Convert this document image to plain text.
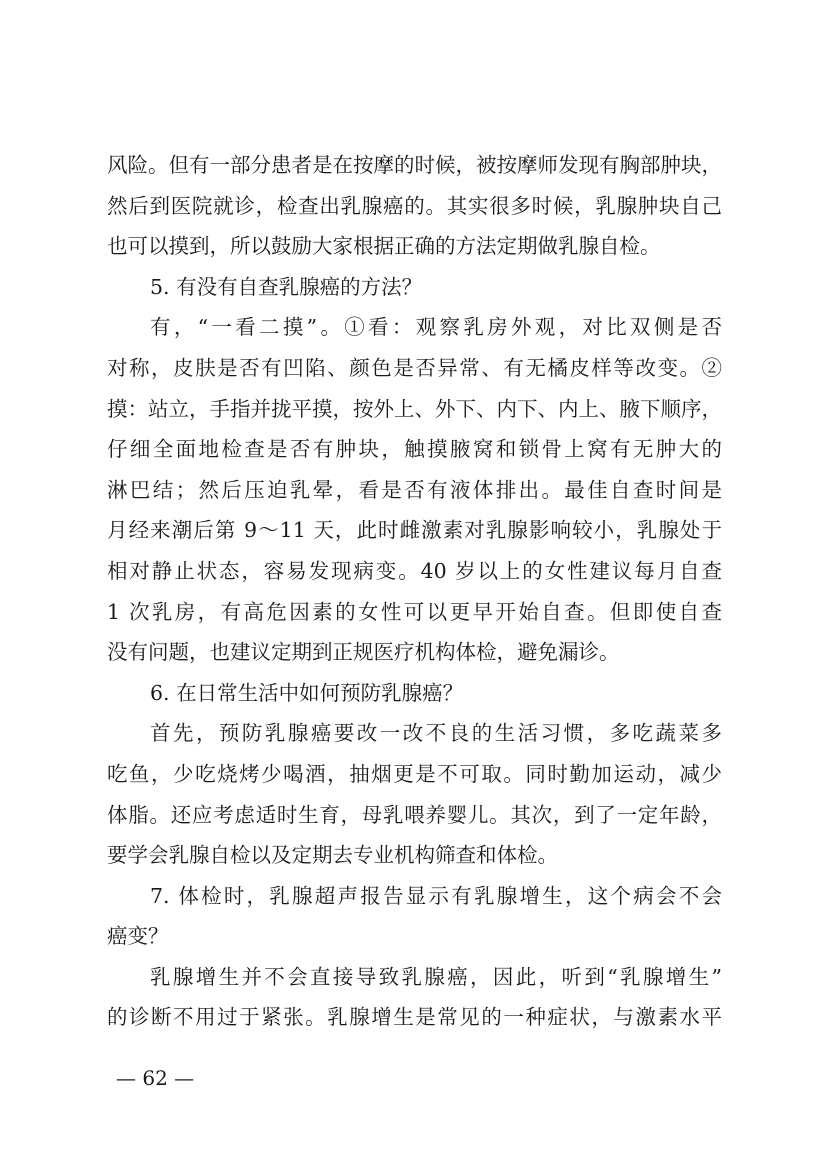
风险。但有一部分患者是在按摩的时候，被按摩师发现有胸部肿块，
然后到医院就诊，检查出乳腺癌的。其实很多时候，乳腺肿块自己
也可以摸到，所以鼓励大家根据正确的方法定期做乳腺自检。
5. 有没有自查乳腺癌的方法？
有，“一看二摸”。①看：观察乳房外观，对比双侧是否
对称，皮肤是否有凹陷、颜色是否异常、有无橘皮样等改变。②
摸：站立，手指并拢平摸，按外上、外下、内下、内上、腋下顺序，
仔细全面地检查是否有肿块，触摸腋窝和锁骨上窝有无肿大的
淋巴结；然后压迫乳晕，看是否有液体排出。最佳自查时间是
月经来潮后第 9～11 天，此时雌激素对乳腺影响较小，乳腺处于
相对静止状态，容易发现病变。40 岁以上的女性建议每月自查
1 次乳房，有高危因素的女性可以更早开始自查。但即使自查
没有问题，也建议定期到正规医疗机构体检，避免漏诊。
6. 在日常生活中如何预防乳腺癌？
首先，预防乳腺癌要改一改不良的生活习惯，多吃蔬菜多
吃鱼，少吃烧烤少喝酒，抽烟更是不可取。同时勤加运动，减少
体脂。还应考虑适时生育，母乳喂养婴儿。其次，到了一定年龄，
要学会乳腺自检以及定期去专业机构筛查和体检。
7. 体检时，乳腺超声报告显示有乳腺增生，这个病会不会
癌变？
乳腺增生并不会直接导致乳腺癌，因此，听到“乳腺增生”
的诊断不用过于紧张。乳腺增生是常见的一种症状，与激素水平
— 62 —
